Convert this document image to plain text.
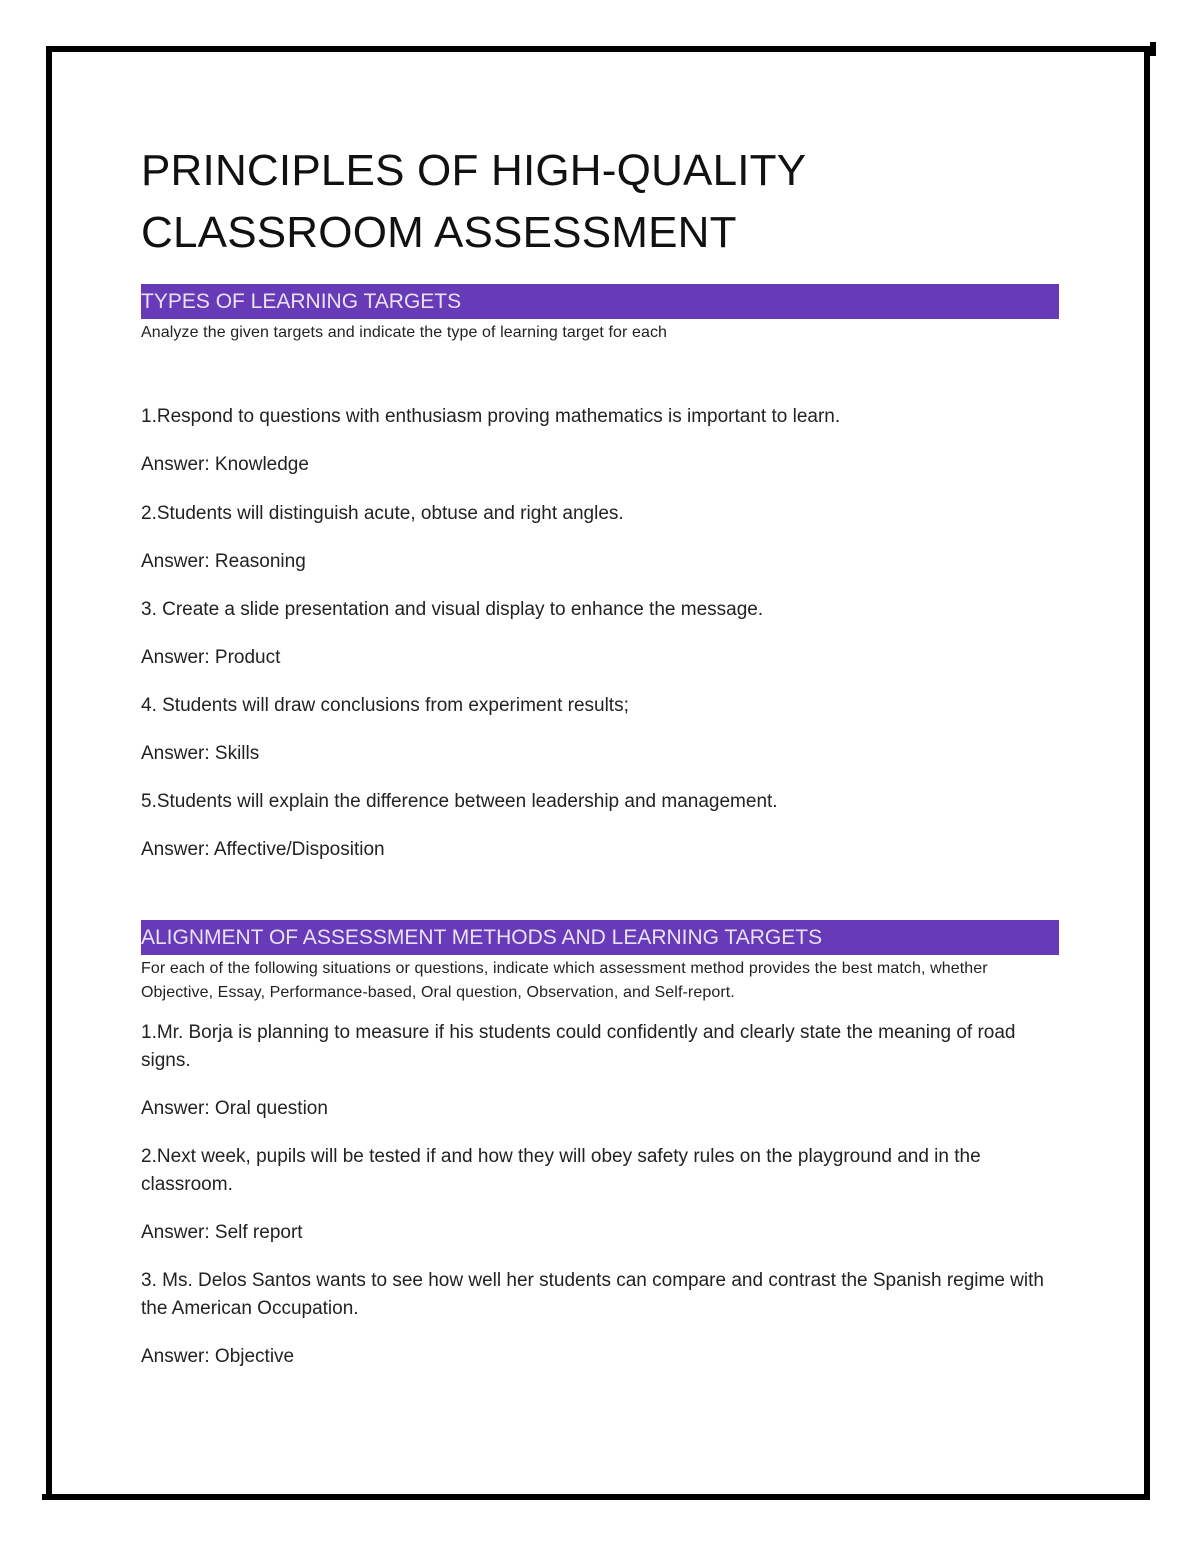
PRINCIPLES OF HIGH-QUALITY
CLASSROOM ASSESSMENT
TYPES OF LEARNING TARGETS
Analyze the given targets and indicate the type of learning target for each
1.Respond to questions with enthusiasm proving mathematics is important to learn.
Answer: Knowledge
2.Students will distinguish acute, obtuse and right angles.
Answer: Reasoning
3. Create a slide presentation and visual display to enhance the message.
Answer: Product
4. Students will draw conclusions from experiment results;
Answer: Skills
5.Students will explain the difference between leadership and management.
Answer: Affective/Disposition
ALIGNMENT OF ASSESSMENT METHODS AND LEARNING TARGETS
For each of the following situations or questions, indicate which assessment method provides the best match, whether Objective, Essay, Performance-based, Oral question, Observation, and Self-report.
1.Mr. Borja is planning to measure if his students could confidently and clearly state the meaning of road signs.
Answer: Oral question
2.Next week, pupils will be tested if and how they will obey safety rules on the playground and in the classroom.
Answer: Self report
3. Ms. Delos Santos wants to see how well her students can compare and contrast the Spanish regime with the American Occupation.
Answer: Objective
